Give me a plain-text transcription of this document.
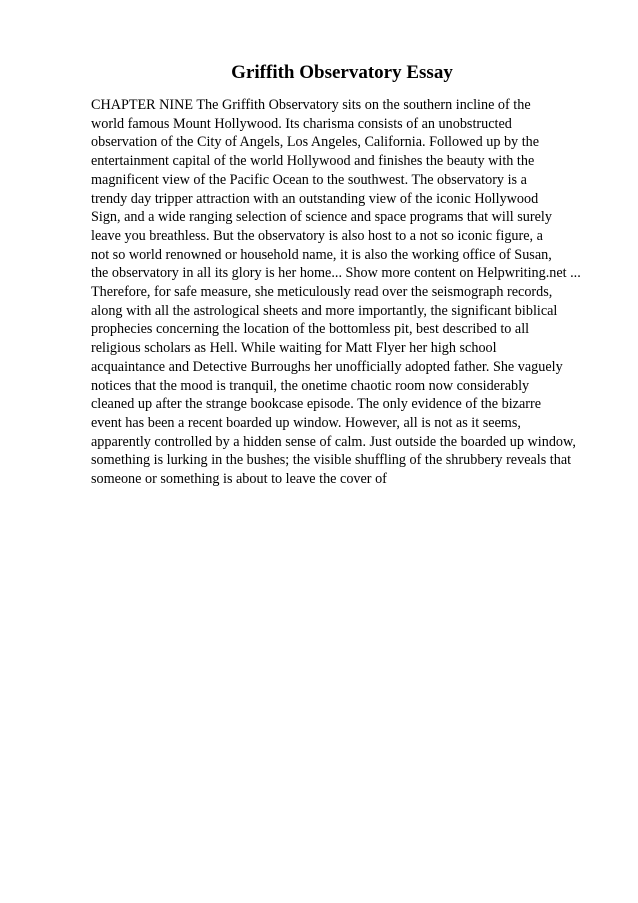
Griffith Observatory Essay
CHAPTER NINE The Griffith Observatory sits on the southern incline of the
world famous Mount Hollywood. Its charisma consists of an unobstructed
observation of the City of Angels, Los Angeles, California. Followed up by the
entertainment capital of the world Hollywood and finishes the beauty with the
magnificent view of the Pacific Ocean to the southwest. The observatory is a
trendy day tripper attraction with an outstanding view of the iconic Hollywood
Sign, and a wide ranging selection of science and space programs that will surely
leave you breathless. But the observatory is also host to a not so iconic figure, a
not so world renowned or household name, it is also the working office of Susan,
the observatory in all its glory is her home... Show more content on Helpwriting.net ...
Therefore, for safe measure, she meticulously read over the seismograph records,
along with all the astrological sheets and more importantly, the significant biblical
prophecies concerning the location of the bottomless pit, best described to all
religious scholars as Hell. While waiting for Matt Flyer her high school
acquaintance and Detective Burroughs her unofficially adopted father. She vaguely
notices that the mood is tranquil, the onetime chaotic room now considerably
cleaned up after the strange bookcase episode. The only evidence of the bizarre
event has been a recent boarded up window. However, all is not as it seems,
apparently controlled by a hidden sense of calm. Just outside the boarded up window,
something is lurking in the bushes; the visible shuffling of the shrubbery reveals that
someone or something is about to leave the cover of
